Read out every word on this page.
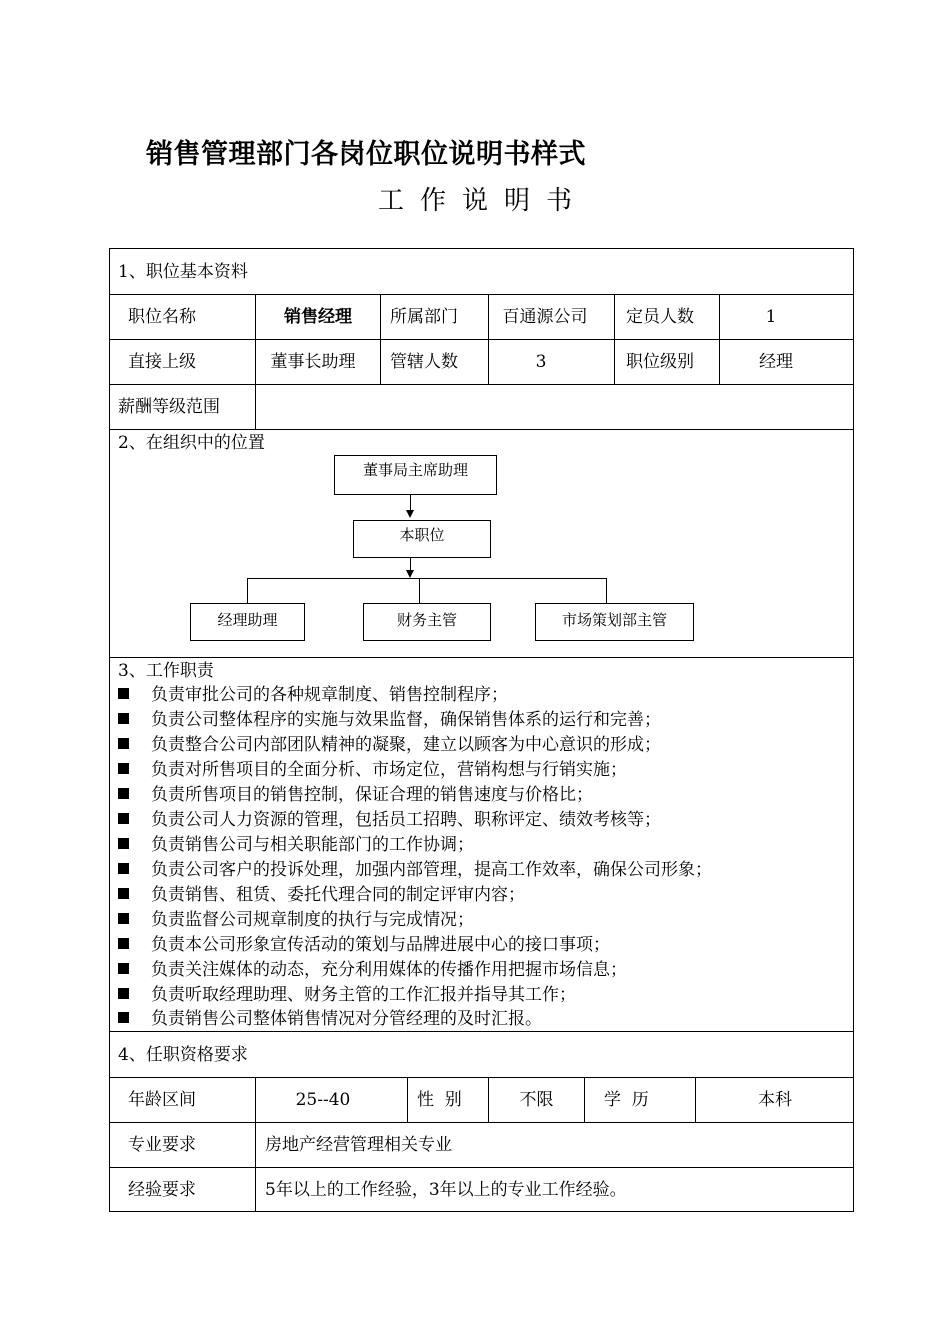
销售管理部门各岗位职位说明书样式
工作说明书
1、职位基本资料
职位名称	销售经理	所属部门	百通源公司	定员人数	1
直接上级	董事长助理	管辖人数	3	职位级别	经理
薪酬等级范围
2、在组织中的位置
董事局主席助理
本职位
经理助理	财务主管	市场策划部主管
3、工作职责
负责审批公司的各种规章制度、销售控制程序；
负责公司整体程序的实施与效果监督，确保销售体系的运行和完善；
负责整合公司内部团队精神的凝聚，建立以顾客为中心意识的形成；
负责对所售项目的全面分析、市场定位，营销构想与行销实施；
负责所售项目的销售控制，保证合理的销售速度与价格比；
负责公司人力资源的管理，包括员工招聘、职称评定、绩效考核等；
负责销售公司与相关职能部门的工作协调；
负责公司客户的投诉处理，加强内部管理，提高工作效率，确保公司形象；
负责销售、租赁、委托代理合同的制定评审内容；
负责监督公司规章制度的执行与完成情况；
负责本公司形象宣传活动的策划与品牌进展中心的接口事项；
负责关注媒体的动态，充分利用媒体的传播作用把握市场信息；
负责听取经理助理、财务主管的工作汇报并指导其工作；
负责销售公司整体销售情况对分管经理的及时汇报。
4、任职资格要求
年龄区间	25--40	性  别	不限	学  历	本科
专业要求	房地产经营管理相关专业
经验要求	5年以上的工作经验，3年以上的专业工作经验。
